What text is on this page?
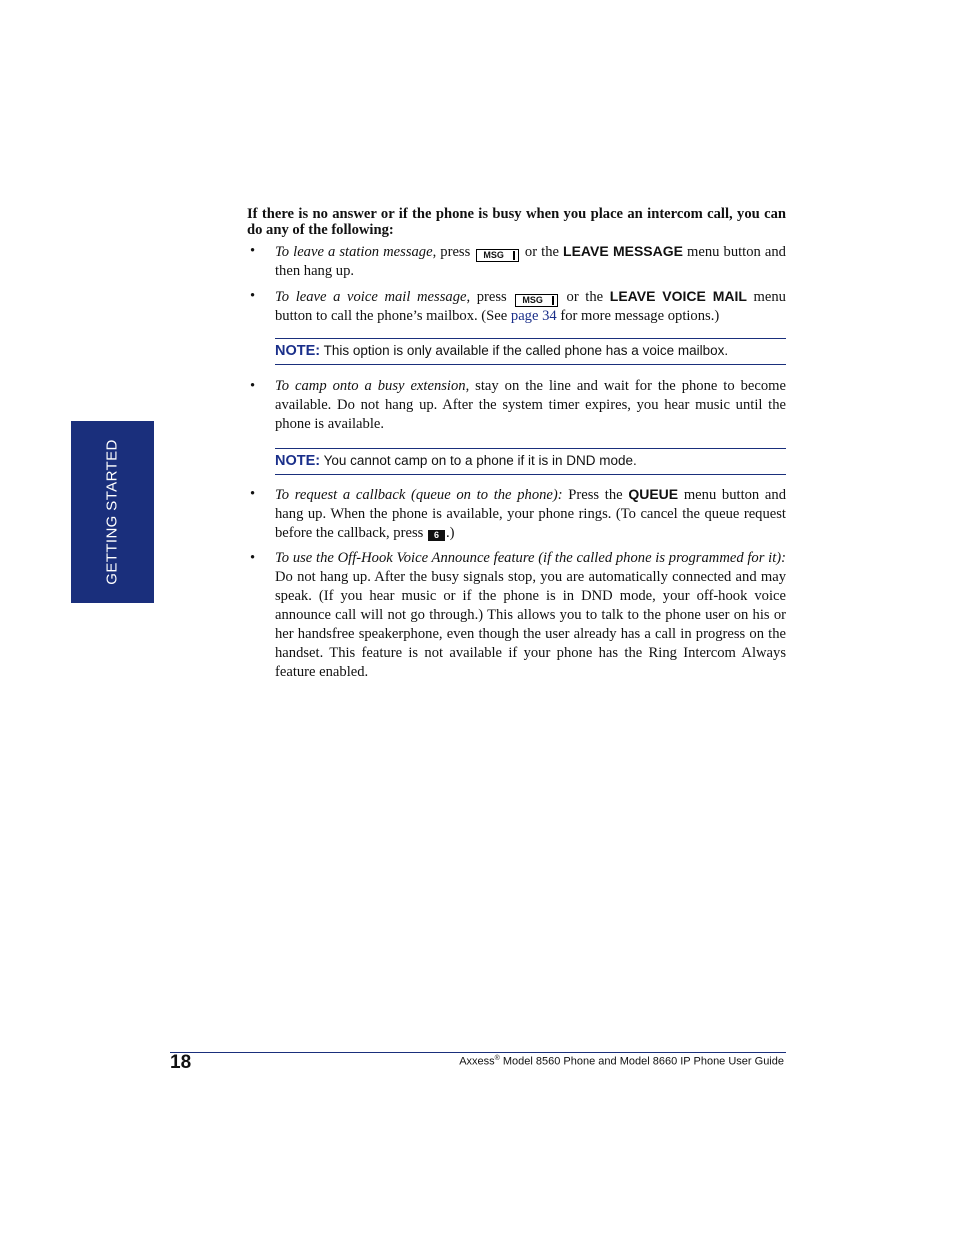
GETTING STARTED

If there is no answer or if the phone is busy when you place an intercom call, you can do any of the following:

• To leave a station message, press MSG
or the LEAVE MESSAGE menu button and then hang up.
• To leave a voice mail message, press MSG
or the LEAVE VOICE MAIL menu button to call the phone’s mailbox. (See page 34 for more message options.)
NOTE: This option is only available if the called phone has a voice mailbox.
• To camp onto a busy extension, stay on the line and wait for the phone to become available. Do not hang up. After the system timer expires, you hear music until the phone is available.
NOTE: You cannot camp on to a phone if it is in DND mode.
• To request a callback (queue on to the phone): Press the QUEUE menu button and hang up. When the phone is available, your phone rings. (To cancel the queue request before the callback, press 6 .)
• To use the Off-Hook Voice Announce feature (if the called phone is programmed for it): Do not hang up. After the busy signals stop, you are automatically connected and may speak. (If you hear music or if the phone is in DND mode, your off-hook voice announce call will not go through.) This allows you to talk to the phone user on his or her handsfree speakerphone, even though the user already has a call in progress on the handset. This feature is not available if your phone has the Ring Intercom Always feature enabled.
18	Axxess® Model 8560 Phone and Model 8660 IP Phone User Guide
